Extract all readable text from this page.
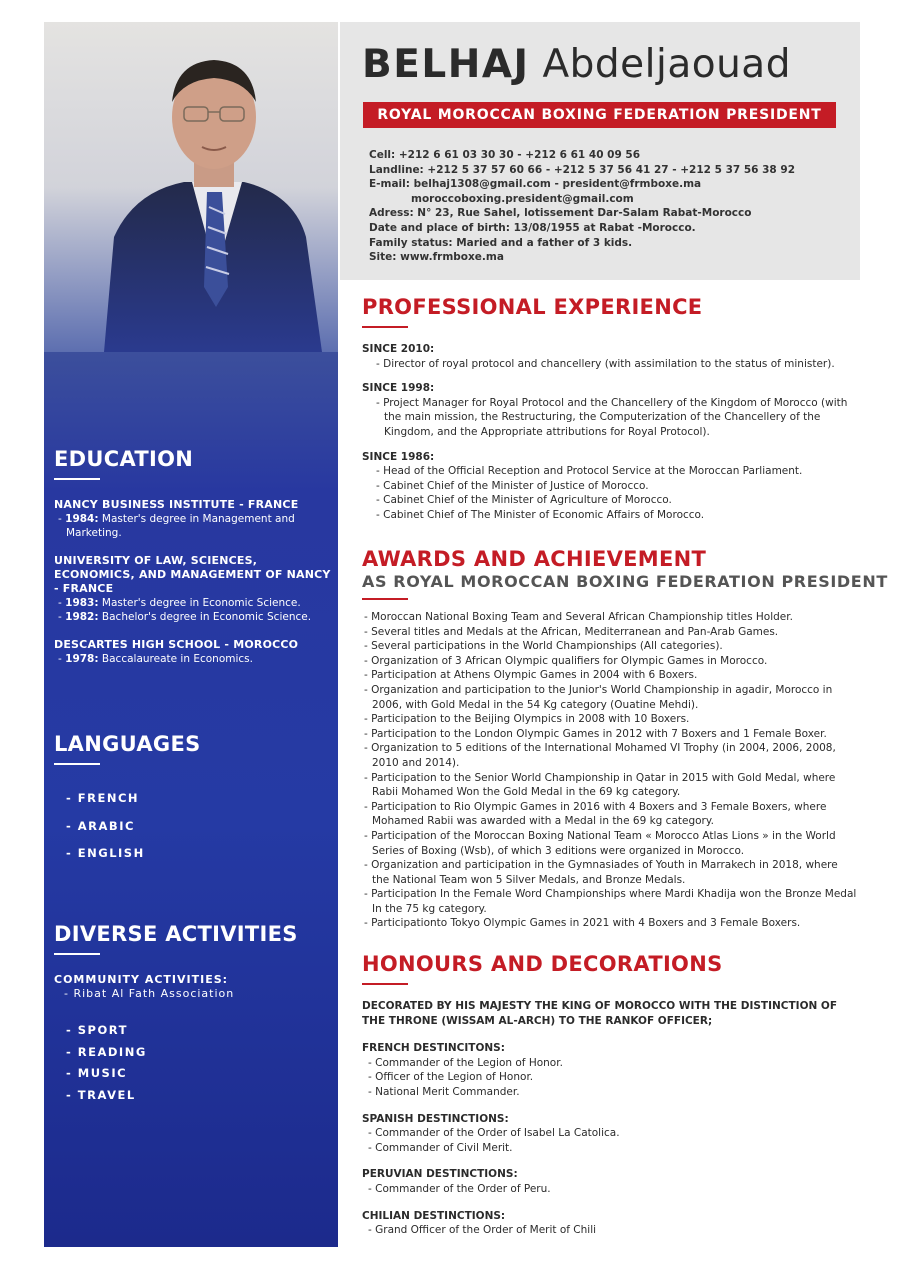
EDUCATION
NANCY BUSINESS INSTITUTE - FRANCE
- 1984: Master's degree in Management and Marketing.
UNIVERSITY OF LAW, SCIENCES, ECONOMICS, AND MANAGEMENT OF NANCY - FRANCE
- 1983: Master's degree in Economic Science.
- 1982: Bachelor's degree in Economic Science.
DESCARTES HIGH SCHOOL - MOROCCO
- 1978: Baccalaureate in Economics.
LANGUAGES
- FRENCH
- ARABIC
- ENGLISH
DIVERSE ACTIVITIES
COMMUNITY ACTIVITIES:
- Ribat Al Fath Association
- SPORT
- READING
- MUSIC
- TRAVEL
BELHAJ Abdeljaouad
ROYAL MOROCCAN BOXING FEDERATION PRESIDENT
Cell: +212 6 61 03 30 30 - +212 6 61 40 09 56
Landline: +212 5 37 57 60 66 - +212 5 37 56 41 27 - +212 5 37 56 38 92
E-mail: belhaj1308@gmail.com - president@frmboxe.ma
moroccoboxing.president@gmail.com
Adress: N° 23, Rue Sahel, lotissement Dar-Salam Rabat-Morocco
Date and place of birth: 13/08/1955 at Rabat -Morocco.
Family status: Maried and a father of 3 kids.
Site: www.frmboxe.ma
PROFESSIONAL EXPERIENCE
SINCE 2010:
- Director of royal protocol and chancellery (with assimilation to the status of minister).
SINCE 1998:
- Project Manager for Royal Protocol and the Chancellery of the Kingdom of Morocco (with the main mission, the Restructuring, the Computerization of the Chancellery of the Kingdom, and the Appropriate attributions for Royal Protocol).
SINCE 1986:
- Head of the Official Reception and Protocol Service at the Moroccan Parliament.
- Cabinet Chief of the Minister of Justice of Morocco.
- Cabinet Chief of the Minister of Agriculture of Morocco.
- Cabinet Chief of The Minister of Economic Affairs of Morocco.
AWARDS AND ACHIEVEMENT
AS ROYAL MOROCCAN BOXING FEDERATION PRESIDENT
- Moroccan National Boxing Team and Several African Championship titles Holder.
- Several titles and Medals at the African, Mediterranean and Pan-Arab Games.
- Several participations in the World Championships (All categories).
- Organization of 3 African Olympic qualifiers for Olympic Games in Morocco.
- Participation at Athens Olympic Games in 2004 with 6 Boxers.
- Organization and participation to the Junior's World Championship in agadir, Morocco in 2006, with Gold Medal in the 54 Kg category (Ouatine Mehdi).
- Participation to the Beijing Olympics in 2008 with 10 Boxers.
- Participation to the London Olympic Games in 2012 with 7 Boxers and 1 Female Boxer.
- Organization to 5 editions of the International Mohamed VI Trophy (in 2004, 2006, 2008, 2010 and 2014).
- Participation to the Senior World Championship in Qatar in 2015 with Gold Medal, where Rabii Mohamed Won the Gold Medal in the 69 kg category.
- Participation to Rio Olympic Games in 2016 with 4 Boxers and 3 Female Boxers, where Mohamed Rabii was awarded with a Medal in the 69 kg category.
- Participation of the Moroccan Boxing National Team « Morocco Atlas Lions » in the World Series of Boxing (Wsb), of which 3 editions were organized in Morocco.
- Organization and participation in the Gymnasiades of Youth in Marrakech in 2018, where the National Team won 5 Silver Medals, and Bronze Medals.
- Participation In the Female Word Championships where Mardi Khadija won the Bronze Medal In the 75 kg category.
- Participationto Tokyo Olympic Games in 2021 with 4 Boxers and 3 Female Boxers.
HONOURS AND DECORATIONS
DECORATED BY HIS MAJESTY THE KING OF MOROCCO WITH THE DISTINCTION OF THE THRONE (WISSAM AL-ARCH) TO THE RANKOF OFFICER;
FRENCH DESTINCITONS:
- Commander of the Legion of Honor.
- Officer of the Legion of Honor.
- National Merit Commander.
SPANISH DESTINCTIONS:
- Commander of the Order of Isabel La Catolica.
- Commander of Civil Merit.
PERUVIAN DESTINCTIONS:
- Commander of the Order of Peru.
CHILIAN DESTINCTIONS:
- Grand Officer of the Order of Merit of Chili
